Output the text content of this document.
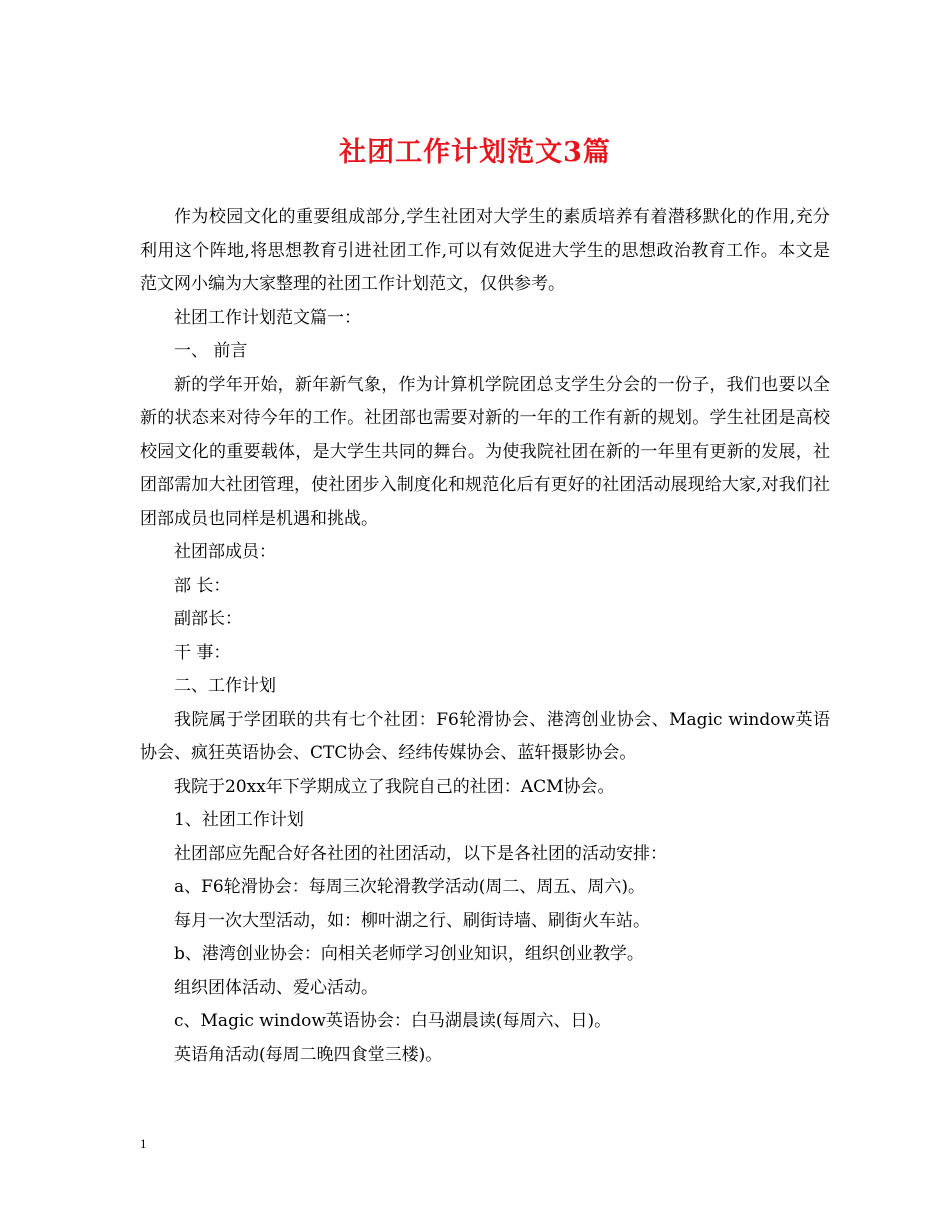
社团工作计划范文3篇

作为校园文化的重要组成部分,学生社团对大学生的素质培养有着潜移默化的作用,充分利用这个阵地,将思想教育引进社团工作,可以有效促进大学生的思想政治教育工作。本文是范文网小编为大家整理的社团工作计划范文，仅供参考。

社团工作计划范文篇一：

一、 前言

新的学年开始，新年新气象，作为计算机学院团总支学生分会的一份子，我们也要以全新的状态来对待今年的工作。社团部也需要对新的一年的工作有新的规划。学生社团是高校校园文化的重要载体，是大学生共同的舞台。为使我院社团在新的一年里有更新的发展，社团部需加大社团管理，使社团步入制度化和规范化后有更好的社团活动展现给大家,对我们社团部成员也同样是机遇和挑战。

社团部成员：

部 长：

副部长：

干 事：

二、工作计划

我院属于学团联的共有七个社团：F6轮滑协会、港湾创业协会、Magic window英语协会、疯狂英语协会、CTC协会、经纬传媒协会、蓝轩摄影协会。

我院于20xx年下学期成立了我院自己的社团：ACM协会。

1、社团工作计划

社团部应先配合好各社团的社团活动，以下是各社团的活动安排：

a、F6轮滑协会：每周三次轮滑教学活动(周二、周五、周六)。

每月一次大型活动，如：柳叶湖之行、刷街诗墙、刷街火车站。

b、港湾创业协会：向相关老师学习创业知识，组织创业教学。

组织团体活动、爱心活动。

c、Magic window英语协会：白马湖晨读(每周六、日)。

英语角活动(每周二晚四食堂三楼)。

1
